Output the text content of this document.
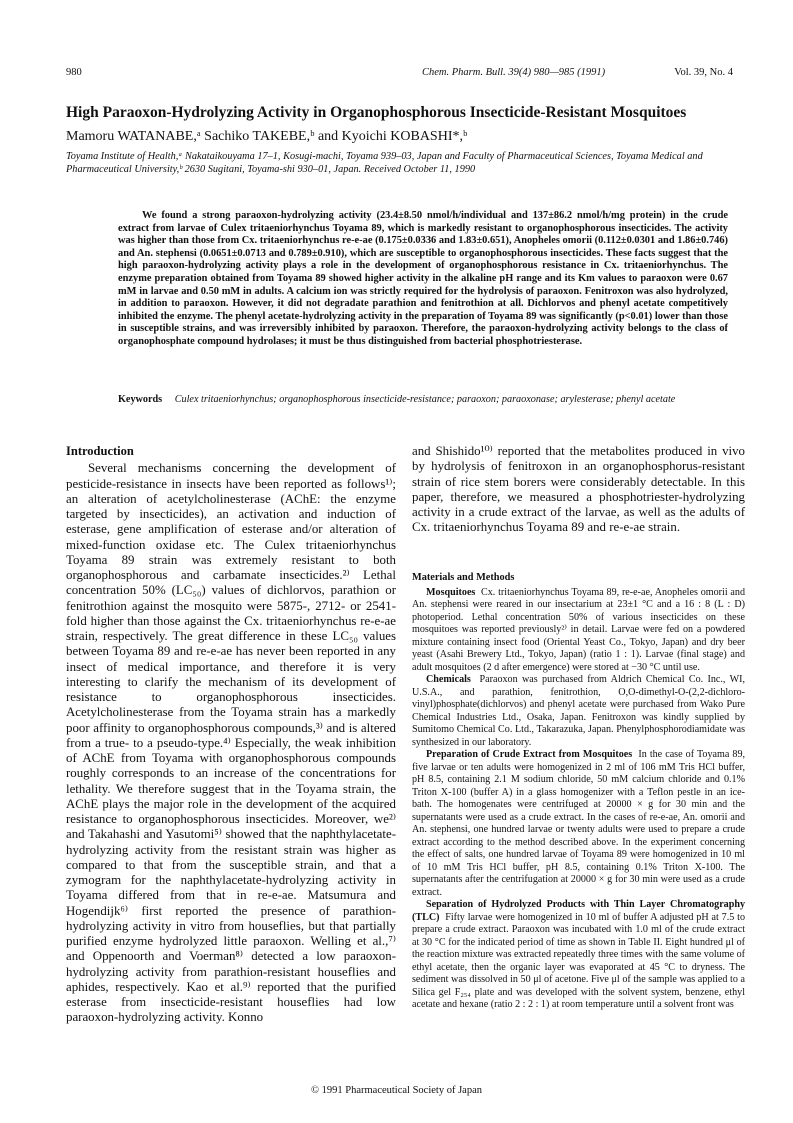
980	Chem. Pharm. Bull. 39(4) 980—985 (1991)	Vol. 39, No. 4
High Paraoxon-Hydrolyzing Activity in Organophosphorous Insecticide-Resistant Mosquitoes
Mamoru WATANABE,ᵃ Sachiko TAKEBE,ᵇ and Kyoichi KOBASHI*,ᵇ
Toyama Institute of Health,ᵃ Nakataikouyama 17–1, Kosugi-machi, Toyama 939–03, Japan and Faculty of Pharmaceutical Sciences, Toyama Medical and Pharmaceutical University,ᵇ 2630 Sugitani, Toyama-shi 930–01, Japan. Received October 11, 1990

We found a strong paraoxon-hydrolyzing activity (23.4±8.50 nmol/h/individual and 137±86.2 nmol/h/mg protein) in the crude extract from larvae of Culex tritaeniorhynchus Toyama 89, which is markedly resistant to organophosphorous insecticides. The activity was higher than those from Cx. tritaeniorhynchus re-e-ae (0.175±0.0336 and 1.83±0.651), Anopheles omorii (0.112±0.0301 and 1.86±0.746) and An. stephensi (0.0651±0.0713 and 0.789±0.910), which are susceptible to organophosphorous insecticides. These facts suggest that the high paraoxon-hydrolyzing activity plays a role in the development of organophosphorous resistance in Cx. tritaeniorhynchus. The enzyme preparation obtained from Toyama 89 showed higher activity in the alkaline pH range and its Km values to paraoxon were 0.67 mM in larvae and 0.50 mM in adults. A calcium ion was strictly required for the hydrolysis of paraoxon. Fenitroxon was also hydrolyzed, in addition to paraoxon. However, it did not degradate parathion and fenitrothion at all. Dichlorvos and phenyl acetate competitively inhibited the enzyme. The phenyl acetate-hydrolyzing activity in the preparation of Toyama 89 was significantly (p<0.01) lower than those in susceptible strains, and was irreversibly inhibited by paraoxon. Therefore, the paraoxon-hydrolyzing activity belongs to the class of organophosphate compound hydrolases; it must be thus distinguished from bacterial phosphotriesterase.

Keywords Culex tritaeniorhynchus; organophosphorous insecticide-resistance; paraoxon; paraoxonase; arylesterase; phenyl acetate
Introduction

Several mechanisms concerning the development of pesticide-resistance in insects have been reported as follows¹⁾; an alteration of acetylcholinesterase (AChE: the enzyme targeted by insecticides), an activation and induction of esterase, gene amplification of esterase and/or alteration of mixed-function oxidase etc. The Culex tritaeniorhynchus Toyama 89 strain was extremely resistant to both organophosphorous and carbamate insecticides.²⁾ Lethal concentration 50% (LC₅₀) values of dichlorvos, parathion or fenitrothion against the mosquito were 5875-, 2712- or 2541-fold higher than those against the Cx. tritaeniorhynchus re-e-ae strain, respectively. The great difference in these LC₅₀ values between Toyama 89 and re-e-ae has never been reported in any insect of medical importance, and therefore it is very interesting to clarify the mechanism of its development of resistance to organophosphorous insecticides. Acetylcholinesterase from the Toyama strain has a markedly poor affinity to organophosphorous compounds,³⁾ and is altered from a true- to a pseudo-type.⁴⁾ Especially, the weak inhibition of AChE from Toyama with organophosphorous compounds roughly corresponds to an increase of the concentrations for lethality. We therefore suggest that in the Toyama strain, the AChE plays the major role in the development of the acquired resistance to organophosphorous insecticides. Moreover, we²⁾ and Takahashi and Yasutomi⁵⁾ showed that the naphthylacetate-hydrolyzing activity from the resistant strain was higher as compared to that from the susceptible strain, and that a zymogram for the naphthylacetate-hydrolyzing activity in Toyama differed from that in re-e-ae. Matsumura and Hogendijk⁶⁾ first reported the presence of parathion-hydrolyzing activity in vitro from houseflies, but that partially purified enzyme hydrolyzed little paraoxon. Welling et al.,⁷⁾ and Oppenoorth and Voerman⁸⁾ detected a low paraoxon-hydrolyzing activity from parathion-resistant houseflies and aphides, respectively. Kao et al.⁹⁾ reported that the purified esterase from insecticide-resistant houseflies had low paraoxon-hydrolyzing activity. Konno

and Shishido¹⁰⁾ reported that the metabolites produced in vivo by hydrolysis of fenitroxon in an organophosphorus-resistant strain of rice stem borers were considerably detectable. In this paper, therefore, we measured a phosphotriester-hydrolyzing activity in a crude extract of the larvae, as well as the adults of Cx. tritaeniorhynchus Toyama 89 and re-e-ae strain.

Materials and Methods

Mosquitoes Cx. tritaeniorhynchus Toyama 89, re-e-ae, Anopheles omorii and An. stephensi were reared in our insectarium at 23±1 °C and a 16 : 8 (L : D) photoperiod. Lethal concentration 50% of various insecticides on these mosquitoes was reported previously²⁾ in detail. Larvae were fed on a powdered mixture containing insect food (Oriental Yeast Co., Tokyo, Japan) and dry beer yeast (Asahi Brewery Ltd., Tokyo, Japan) (ratio 1 : 1). Larvae (final stage) and adult mosquitoes (2 d after emergence) were stored at −30 °C until use.

Chemicals Paraoxon was purchased from Aldrich Chemical Co. Inc., WI, U.S.A., and parathion, fenitrothion, O,O-dimethyl-O-(2,2-dichloro-vinyl)phosphate(dichlorvos) and phenyl acetate were purchased from Wako Pure Chemical Industries Ltd., Osaka, Japan. Fenitroxon was kindly supplied by Sumitomo Chemical Co. Ltd., Takarazuka, Japan. Phenylphosphorodiamidate was synthesized in our laboratory.

Preparation of Crude Extract from Mosquitoes In the case of Toyama 89, five larvae or ten adults were homogenized in 2 ml of 106 mM Tris HCl buffer, pH 8.5, containing 2.1 M sodium chloride, 50 mM calcium chloride and 0.1% Triton X-100 (buffer A) in a glass homogenizer with a Teflon pestle in an ice-bath. The homogenates were centrifuged at 20000 × g for 30 min and the supernatants were used as a crude extract. In the cases of re-e-ae, An. omorii and An. stephensi, one hundred larvae or twenty adults were used to prepare a crude extract according to the method described above. In the experiment concerning the effect of salts, one hundred larvae of Toyama 89 were homogenized in 10 ml of 10 mM Tris HCl buffer, pH 8.5, containing 0.1% Triton X-100. The supernatants after the centrifugation at 20000 × g for 30 min were used as a crude extract.

Separation of Hydrolyzed Products with Thin Layer Chromatography (TLC) Fifty larvae were homogenized in 10 ml of buffer A adjusted pH at 7.5 to prepare a crude extract. Paraoxon was incubated with 1.0 ml of the crude extract at 30 °C for the indicated period of time as shown in Table II. Eight hundred μl of the reaction mixture was extracted repeatedly three times with the same volume of ethyl acetate, then the organic layer was evaporated at 45 °C to dryness. The sediment was dissolved in 50 μl of acetone. Five μl of the sample was applied to a Silica gel F₂₅₄ plate and was developed with the solvent system, benzene, ethyl acetate and hexane (ratio 2 : 2 : 1) at room temperature until a solvent front was

© 1991 Pharmaceutical Society of Japan
